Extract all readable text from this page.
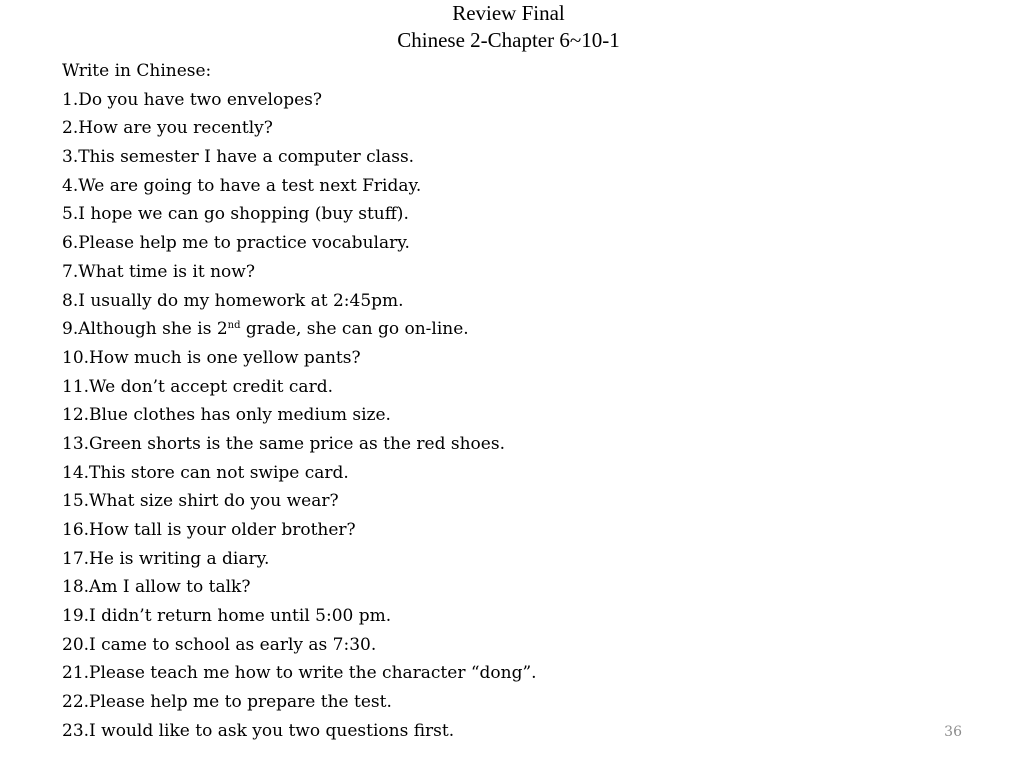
Review Final
Chinese 2-Chapter 6~10-1
Write in Chinese:
1.Do you have two envelopes?
2.How are you recently?
3.This semester I have a computer class.
4.We are going to have a test next Friday.
5.I hope we can go shopping (buy stuff).
6.Please help me to practice vocabulary.
7.What time is it now?
8.I usually do my homework at 2:45pm.
9.Although she is 2nd grade, she can go on-line.
10.How much is one yellow pants?
11.We don’t accept credit card.
12.Blue clothes has only medium size.
13.Green shorts is the same price as the red shoes.
14.This store can not swipe card.
15.What size shirt do you wear?
16.How tall is your older brother?
17.He is writing a diary.
18.Am I allow to talk?
19.I didn’t return home until 5:00 pm.
20.I came to school as early as 7:30.
21.Please teach me how to write the character “dong”.
22.Please help me to prepare the test.
23.I would like to ask you two questions first.	36
